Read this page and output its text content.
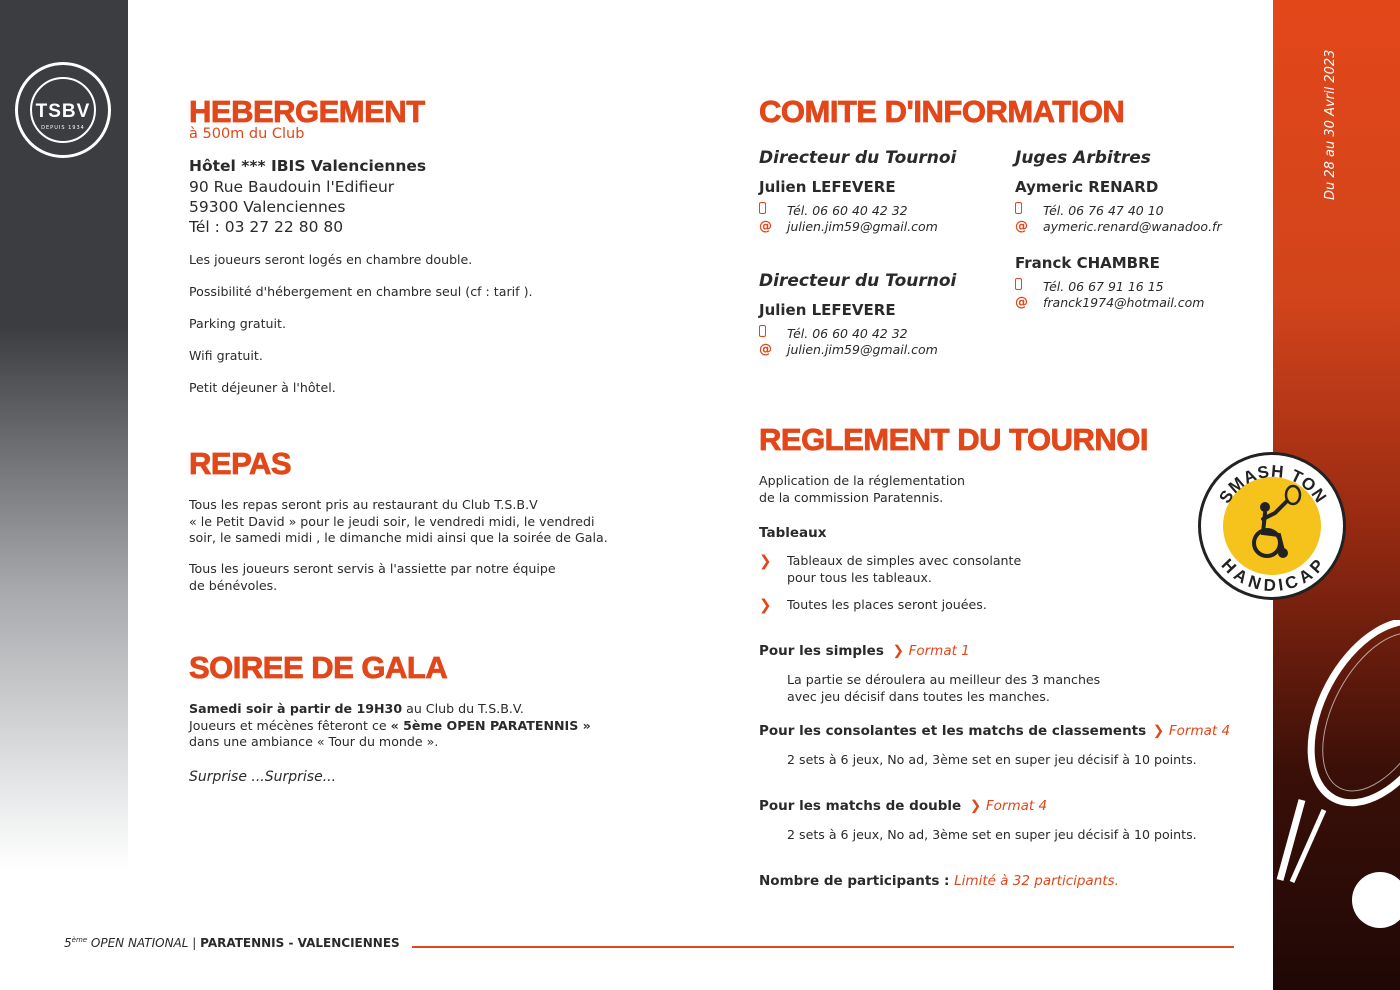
TSBV
DEPUIS 1934	Du 28 au 30 Avril 2023
HEBERGEMENT
à 500m du Club
Hôtel *** IBIS Valenciennes
90 Rue Baudouin l'Edifieur
59300 Valenciennes
Tél : 03 27 22 80 80
Les joueurs seront logés en chambre double.
Possibilité d'hébergement en chambre seul (cf : tarif ).
Parking gratuit.
Wifi gratuit.
Petit déjeuner à l'hôtel.
REPAS
Tous les repas seront pris au restaurant du Club T.S.B.V
« le Petit David » pour le jeudi soir, le vendredi midi, le vendredi
soir, le samedi midi , le dimanche midi ainsi que la soirée de Gala.
Tous les joueurs seront servis à l'assiette par notre équipe
de bénévoles.
SOIREE DE GALA
Samedi soir à partir de 19H30 au Club du T.S.B.V.
Joueurs et mécènes fêteront ce « 5ème OPEN PARATENNIS »
dans une ambiance « Tour du monde ».
Surprise ...Surprise...
COMITE D'INFORMATION
Directeur du Tournoi
Julien LEFEVERE
Tél. 06 60 40 42 32
@	julien.jim59@gmail.com
Directeur du Tournoi
Julien LEFEVERE
Tél. 06 60 40 42 32
@	julien.jim59@gmail.com
Juges Arbitres
Aymeric RENARD
Tél. 06 76 47 40 10
@	aymeric.renard@wanadoo.fr
Franck CHAMBRE
Tél. 06 67 91 16 15
@	franck1974@hotmail.com
REGLEMENT DU TOURNOI
Application de la réglementation
de la commission Paratennis.
Tableaux
❯	Tableaux de simples avec consolante
pour tous les tableaux.
❯	Toutes les places seront jouées.
Pour les simples ❯ Format 1
La partie se déroulera au meilleur des 3 manches
avec jeu décisif dans toutes les manches.
Pour les consolantes et les matchs de classements ❯ Format 4
2 sets à 6 jeux, No ad, 3ème set en super jeu décisif à 10 points.
Pour les matchs de double ❯ Format 4
2 sets à 6 jeux, No ad, 3ème set en super jeu décisif à 10 points.
Nombre de participants : Limité à 32 participants.
SMASH TON
HANDICAP
5ème OPEN NATIONAL | PARATENNIS - VALENCIENNES
